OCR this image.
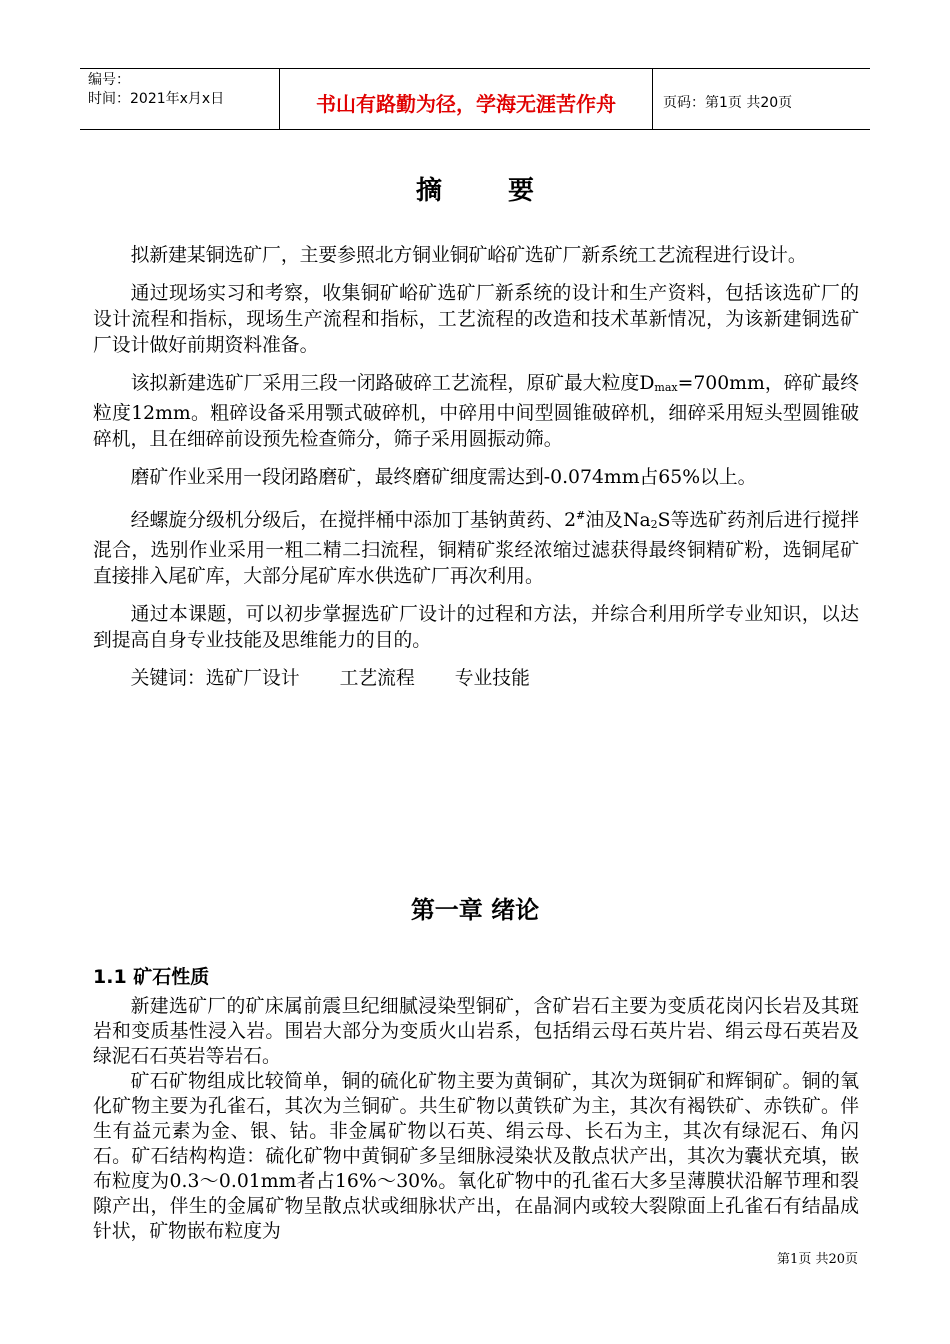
编号：
时间：2021年x月x日	书山有路勤为径，学海无涯苦作舟	页码：第1页 共20页
摘要

拟新建某铜选矿厂，主要参照北方铜业铜矿峪矿选矿厂新系统工艺流程进行设计。

通过现场实习和考察，收集铜矿峪矿选矿厂新系统的设计和生产资料，包括该选矿厂的设计流程和指标，现场生产流程和指标，工艺流程的改造和技术革新情况，为该新建铜选矿厂设计做好前期资料准备。

该拟新建选矿厂采用三段一闭路破碎工艺流程，原矿最大粒度$D_{max}=700mm$，碎矿最终粒度12mm。粗碎设备采用颚式破碎机，中碎用中间型圆锥破碎机，细碎采用短头型圆锥破碎机，且在细碎前设预先检查筛分，筛子采用圆振动筛。

磨矿作业采用一段闭路磨矿，最终磨矿细度需达到-0.074mm占65%以上。

经螺旋分级机分级后，在搅拌桶中添加丁基钠黄药、2#油及$Na_2S$等选矿药剂后进行搅拌混合，选别作业采用一粗二精二扫流程，铜精矿浆经浓缩过滤获得最终铜精矿粉，选铜尾矿直接排入尾矿库，大部分尾矿库水供选矿厂再次利用。

通过本课题，可以初步掌握选矿厂设计的过程和方法，并综合利用所学专业知识，以达到提高自身专业技能及思维能力的目的。

关键词：选矿厂设计 工艺流程 专业技能

第一章 绪论
1.1 矿石性质

新建选矿厂的矿床属前震旦纪细腻浸染型铜矿，含矿岩石主要为变质花岗闪长岩及其斑岩和变质基性浸入岩。围岩大部分为变质火山岩系，包括绢云母石英片岩、绢云母石英岩及绿泥石石英岩等岩石。

矿石矿物组成比较简单，铜的硫化矿物主要为黄铜矿，其次为斑铜矿和辉铜矿。铜的氧化矿物主要为孔雀石，其次为兰铜矿。共生矿物以黄铁矿为主，其次有褐铁矿、赤铁矿。伴生有益元素为金、银、钴。非金属矿物以石英、绢云母、长石为主，其次有绿泥石、角闪石。矿石结构构造：硫化矿物中黄铜矿多呈细脉浸染状及散点状产出，其次为囊状充填，嵌布粒度为0.3～0.01mm者占16%～30%。氧化矿物中的孔雀石大多呈薄膜状沿解节理和裂隙产出，伴生的金属矿物呈散点状或细脉状产出，在晶洞内或较大裂隙面上孔雀石有结晶成针状，矿物嵌布粒度为

第1页 共20页
